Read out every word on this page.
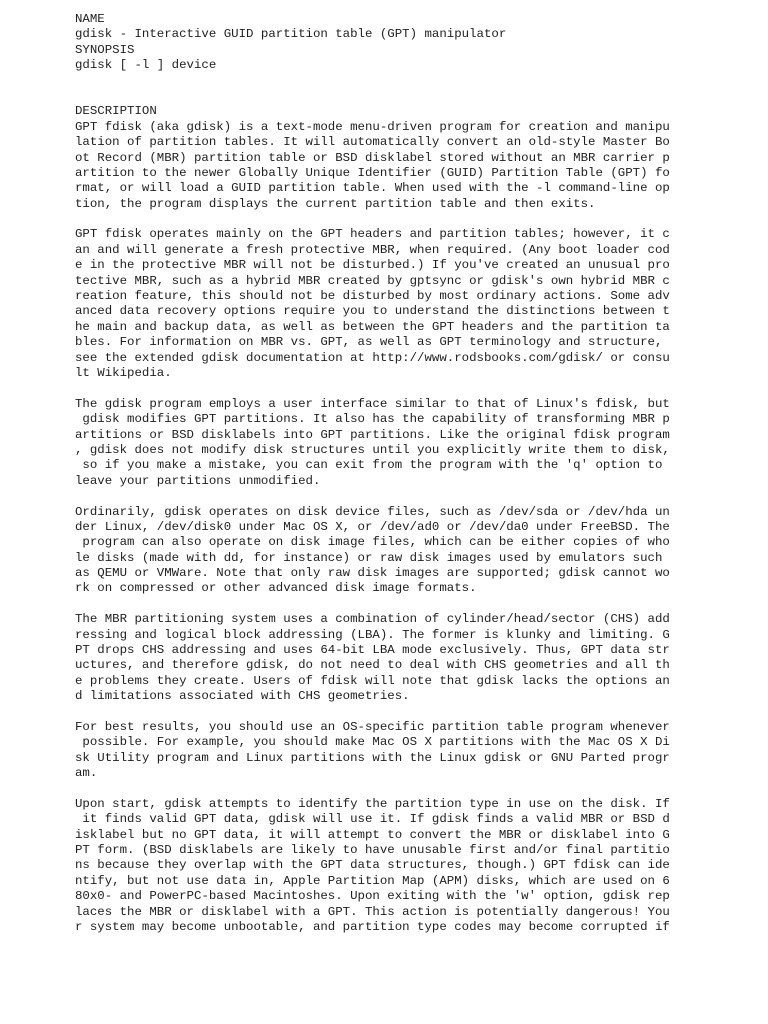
NAME
gdisk - Interactive GUID partition table (GPT) manipulator
SYNOPSIS
gdisk [ -l ] device
DESCRIPTION
GPT fdisk (aka gdisk) is a text-mode menu-driven program for creation and manipu
lation of partition tables. It will automatically convert an old-style Master Bo
ot Record (MBR) partition table or BSD disklabel stored without an MBR carrier p
artition to the newer Globally Unique Identifier (GUID) Partition Table (GPT) fo
rmat, or will load a GUID partition table. When used with the -l command-line op
tion, the program displays the current partition table and then exits.
GPT fdisk operates mainly on the GPT headers and partition tables; however, it c
an and will generate a fresh protective MBR, when required. (Any boot loader cod
e in the protective MBR will not be disturbed.) If you've created an unusual pro
tective MBR, such as a hybrid MBR created by gptsync or gdisk's own hybrid MBR c
reation feature, this should not be disturbed by most ordinary actions. Some adv
anced data recovery options require you to understand the distinctions between t
he main and backup data, as well as between the GPT headers and the partition ta
bles. For information on MBR vs. GPT, as well as GPT terminology and structure,
see the extended gdisk documentation at http://www.rodsbooks.com/gdisk/ or consu
lt Wikipedia.
The gdisk program employs a user interface similar to that of Linux's fdisk, but
gdisk modifies GPT partitions. It also has the capability of transforming MBR p
artitions or BSD disklabels into GPT partitions. Like the original fdisk program
, gdisk does not modify disk structures until you explicitly write them to disk,
so if you make a mistake, you can exit from the program with the 'q' option to
leave your partitions unmodified.
Ordinarily, gdisk operates on disk device files, such as /dev/sda or /dev/hda un
der Linux, /dev/disk0 under Mac OS X, or /dev/ad0 or /dev/da0 under FreeBSD. The
program can also operate on disk image files, which can be either copies of who
le disks (made with dd, for instance) or raw disk images used by emulators such
as QEMU or VMWare. Note that only raw disk images are supported; gdisk cannot wo
rk on compressed or other advanced disk image formats.
The MBR partitioning system uses a combination of cylinder/head/sector (CHS) add
ressing and logical block addressing (LBA). The former is klunky and limiting. G
PT drops CHS addressing and uses 64-bit LBA mode exclusively. Thus, GPT data str
uctures, and therefore gdisk, do not need to deal with CHS geometries and all th
e problems they create. Users of fdisk will note that gdisk lacks the options an
d limitations associated with CHS geometries.
For best results, you should use an OS-specific partition table program whenever
possible. For example, you should make Mac OS X partitions with the Mac OS X Di
sk Utility program and Linux partitions with the Linux gdisk or GNU Parted progr
am.
Upon start, gdisk attempts to identify the partition type in use on the disk. If
it finds valid GPT data, gdisk will use it. If gdisk finds a valid MBR or BSD d
isklabel but no GPT data, it will attempt to convert the MBR or disklabel into G
PT form. (BSD disklabels are likely to have unusable first and/or final partitio
ns because they overlap with the GPT data structures, though.) GPT fdisk can ide
ntify, but not use data in, Apple Partition Map (APM) disks, which are used on 6
80x0- and PowerPC-based Macintoshes. Upon exiting with the 'w' option, gdisk rep
laces the MBR or disklabel with a GPT. This action is potentially dangerous! You
r system may become unbootable, and partition type codes may become corrupted if
